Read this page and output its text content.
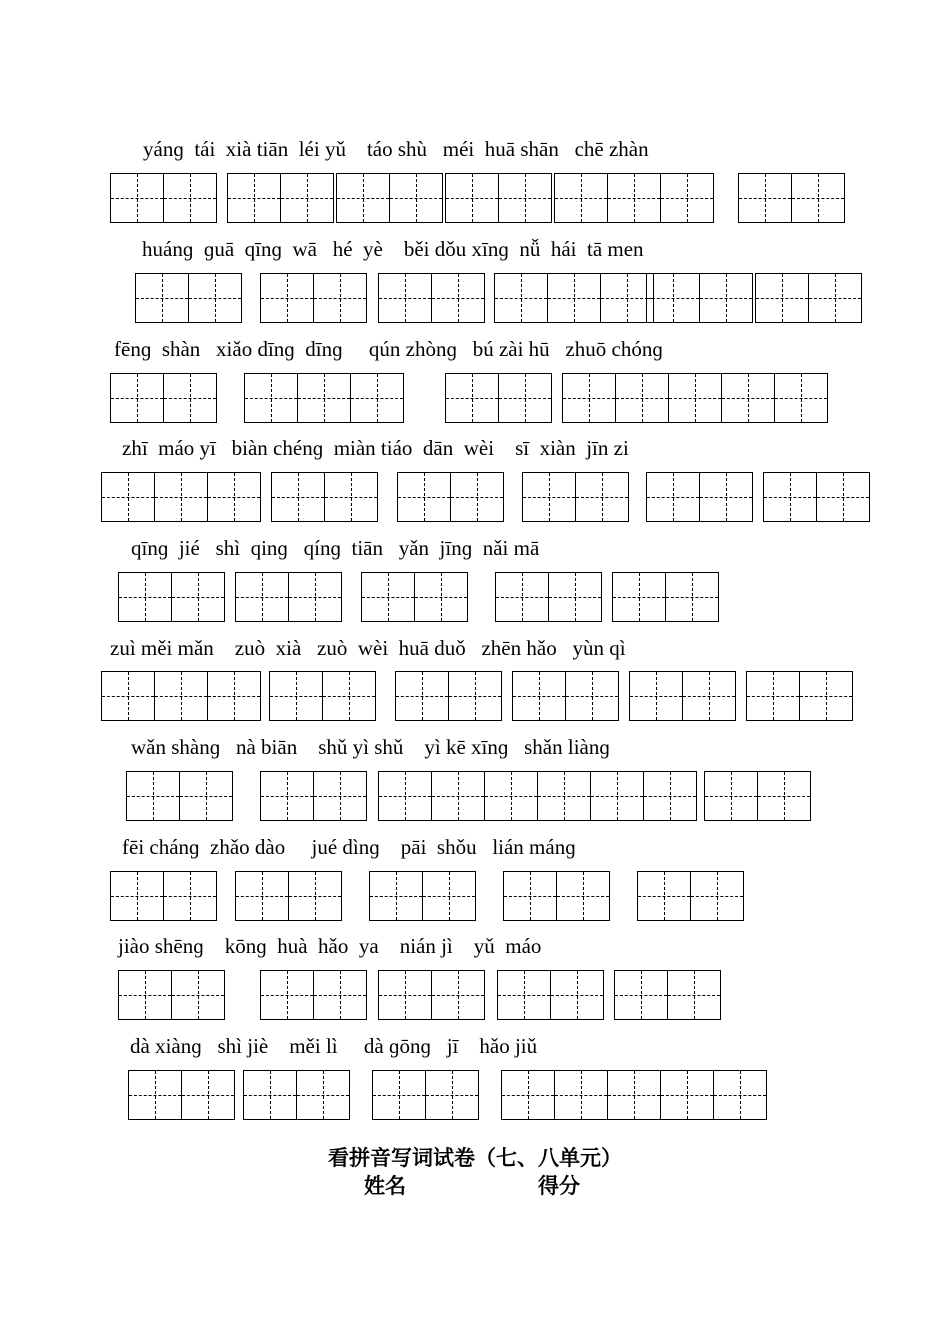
yánɡ  tái  xià tiān  léi yǔ    táo shù   méi  huā shān   chē zhàn
huánɡ  ɡuā  qīnɡ  wā   hé  yè    běi dǒu xīnɡ  nǚ  hái  tā men
fēnɡ  shàn   xiǎo dīnɡ  dīnɡ     qún zhònɡ   bú zài hū   zhuō chónɡ
zhī  máo yī   biàn chénɡ  miàn tiáo  dān  wèi    sī  xiàn  jīn zi
qīnɡ  jié   shì  qinɡ   qínɡ  tiān   yǎn  jīnɡ  nǎi mā
zuì měi mǎn    zuò  xià   zuò  wèi  huā duǒ   zhēn hǎo   yùn qì
wǎn shànɡ   nà biān    shǔ yì shǔ    yì kē xīnɡ   shǎn liànɡ
fēi chánɡ  zhǎo dào     jué dìnɡ    pāi  shǒu   lián mánɡ
jiào shēnɡ    kōnɡ  huà  hǎo  ya    nián jì    yǔ  máo
dà xiànɡ   shì jiè    měi lì     dà ɡōnɡ   jī    hǎo jiǔ
看拼音写词试卷（七、八单元）
姓名	得分
